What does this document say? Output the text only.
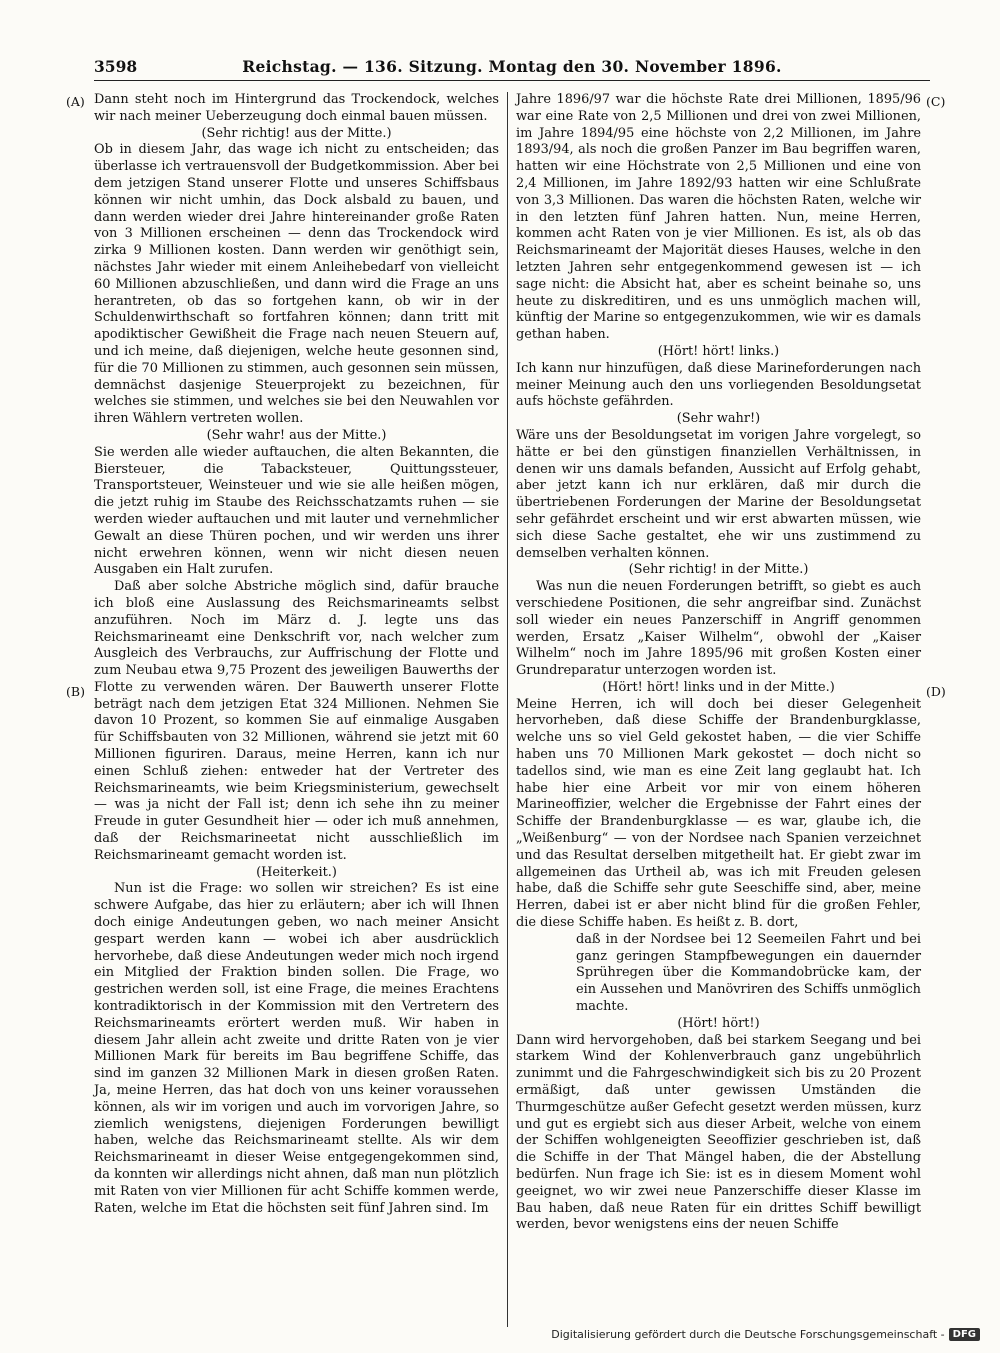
3598	Reichstag. — 136. Sitzung. Montag den 30. November 1896.
(A)
(B)
(C)
(D)

Dann steht noch im Hintergrund das Trockendock, welches wir nach meiner Ueberzeugung doch einmal bauen müssen.

(Sehr richtig! aus der Mitte.)

Ob in diesem Jahr, das wage ich nicht zu entscheiden; das überlasse ich vertrauensvoll der Budgetkommission. Aber bei dem jetzigen Stand unserer Flotte und unseres Schiffsbaus können wir nicht umhin, das Dock alsbald zu bauen, und dann werden wieder drei Jahre hintereinander große Raten von 3 Millionen erscheinen — denn das Trockendock wird zirka 9 Millionen kosten. Dann werden wir genöthigt sein, nächstes Jahr wieder mit einem Anleihebedarf von vielleicht 60 Millionen abzuschließen, und dann wird die Frage an uns herantreten, ob das so fortgehen kann, ob wir in der Schuldenwirthschaft so fortfahren können; dann tritt mit apodiktischer Gewißheit die Frage nach neuen Steuern auf, und ich meine, daß diejenigen, welche heute gesonnen sind, für die 70 Millionen zu stimmen, auch gesonnen sein müssen, demnächst dasjenige Steuerprojekt zu bezeichnen, für welches sie stimmen, und welches sie bei den Neuwahlen vor ihren Wählern vertreten wollen.

(Sehr wahr! aus der Mitte.)

Sie werden alle wieder auftauchen, die alten Bekannten, die Biersteuer, die Tabacksteuer, Quittungssteuer, Transportsteuer, Weinsteuer und wie sie alle heißen mögen, die jetzt ruhig im Staube des Reichsschatzamts ruhen — sie werden wieder auftauchen und mit lauter und vernehmlicher Gewalt an diese Thüren pochen, und wir werden uns ihrer nicht erwehren können, wenn wir nicht diesen neuen Ausgaben ein Halt zurufen.

Daß aber solche Abstriche möglich sind, dafür brauche ich bloß eine Auslassung des Reichsmarineamts selbst anzuführen. Noch im März d. J. legte uns das Reichsmarineamt eine Denkschrift vor, nach welcher zum Ausgleich des Verbrauchs, zur Auffrischung der Flotte und zum Neubau etwa 9,75 Prozent des jeweiligen Bauwerths der Flotte zu verwenden wären. Der Bauwerth unserer Flotte beträgt nach dem jetzigen Etat 324 Millionen. Nehmen Sie davon 10 Prozent, so kommen Sie auf einmalige Ausgaben für Schiffsbauten von 32 Millionen, während sie jetzt mit 60 Millionen figuriren. Daraus, meine Herren, kann ich nur einen Schluß ziehen: entweder hat der Vertreter des Reichsmarineamts, wie beim Kriegsministerium, gewechselt — was ja nicht der Fall ist; denn ich sehe ihn zu meiner Freude in guter Gesundheit hier — oder ich muß annehmen, daß der Reichsmarineetat nicht ausschließlich im Reichsmarineamt gemacht worden ist.

(Heiterkeit.)

Nun ist die Frage: wo sollen wir streichen? Es ist eine schwere Aufgabe, das hier zu erläutern; aber ich will Ihnen doch einige Andeutungen geben, wo nach meiner Ansicht gespart werden kann — wobei ich aber ausdrücklich hervorhebe, daß diese Andeutungen weder mich noch irgend ein Mitglied der Fraktion binden sollen. Die Frage, wo gestrichen werden soll, ist eine Frage, die meines Erachtens kontradiktorisch in der Kommission mit den Vertretern des Reichsmarineamts erörtert werden muß. Wir haben in diesem Jahr allein acht zweite und dritte Raten von je vier Millionen Mark für bereits im Bau begriffene Schiffe, das sind im ganzen 32 Millionen Mark in diesen großen Raten. Ja, meine Herren, das hat doch von uns keiner voraussehen können, als wir im vorigen und auch im vorvorigen Jahre, so ziemlich wenigstens, diejenigen Forderungen bewilligt haben, welche das Reichsmarineamt stellte. Als wir dem Reichsmarineamt in dieser Weise entgegengekommen sind, da konnten wir allerdings nicht ahnen, daß man nun plötzlich mit Raten von vier Millionen für acht Schiffe kommen werde, Raten, welche im Etat die höchsten seit fünf Jahren sind. Im

Jahre 1896/97 war die höchste Rate drei Millionen, 1895/96 war eine Rate von 2,5 Millionen und drei von zwei Millionen, im Jahre 1894/95 eine höchste von 2,2 Millionen, im Jahre 1893/94, als noch die großen Panzer im Bau begriffen waren, hatten wir eine Höchstrate von 2,5 Millionen und eine von 2,4 Millionen, im Jahre 1892/93 hatten wir eine Schlußrate von 3,3 Millionen. Das waren die höchsten Raten, welche wir in den letzten fünf Jahren hatten. Nun, meine Herren, kommen acht Raten von je vier Millionen. Es ist, als ob das Reichsmarineamt der Majorität dieses Hauses, welche in den letzten Jahren sehr entgegenkommend gewesen ist — ich sage nicht: die Absicht hat, aber es scheint beinahe so, uns heute zu diskreditiren, und es uns unmöglich machen will, künftig der Marine so entgegenzukommen, wie wir es damals gethan haben.

(Hört! hört! links.)

Ich kann nur hinzufügen, daß diese Marineforderungen nach meiner Meinung auch den uns vorliegenden Besoldungsetat aufs höchste gefährden.

(Sehr wahr!)

Wäre uns der Besoldungsetat im vorigen Jahre vorgelegt, so hätte er bei den günstigen finanziellen Verhältnissen, in denen wir uns damals befanden, Aussicht auf Erfolg gehabt, aber jetzt kann ich nur erklären, daß mir durch die übertriebenen Forderungen der Marine der Besoldungsetat sehr gefährdet erscheint und wir erst abwarten müssen, wie sich diese Sache gestaltet, ehe wir uns zustimmend zu demselben verhalten können.

(Sehr richtig! in der Mitte.)

Was nun die neuen Forderungen betrifft, so giebt es auch verschiedene Positionen, die sehr angreifbar sind. Zunächst soll wieder ein neues Panzerschiff in Angriff genommen werden, Ersatz „Kaiser Wilhelm“, obwohl der „Kaiser Wilhelm“ noch im Jahre 1895/96 mit großen Kosten einer Grundreparatur unterzogen worden ist.

(Hört! hört! links und in der Mitte.)

Meine Herren, ich will doch bei dieser Gelegenheit hervorheben, daß diese Schiffe der Brandenburgklasse, welche uns so viel Geld gekostet haben, — die vier Schiffe haben uns 70 Millionen Mark gekostet — doch nicht so tadellos sind, wie man es eine Zeit lang geglaubt hat. Ich habe hier eine Arbeit vor mir von einem höheren Marineoffizier, welcher die Ergebnisse der Fahrt eines der Schiffe der Brandenburgklasse — es war, glaube ich, die „Weißenburg“ — von der Nordsee nach Spanien verzeichnet und das Resultat derselben mitgetheilt hat. Er giebt zwar im allgemeinen das Urtheil ab, was ich mit Freuden gelesen habe, daß die Schiffe sehr gute Seeschiffe sind, aber, meine Herren, dabei ist er aber nicht blind für die großen Fehler, die diese Schiffe haben. Es heißt z. B. dort,

daß in der Nordsee bei 12 Seemeilen Fahrt und bei ganz geringen Stampfbewegungen ein dauernder Sprühregen über die Kommandobrücke kam, der ein Aussehen und Manövriren des Schiffs unmöglich machte.

(Hört! hört!)

Dann wird hervorgehoben, daß bei starkem Seegang und bei starkem Wind der Kohlenverbrauch ganz ungebührlich zunimmt und die Fahrgeschwindigkeit sich bis zu 20 Prozent ermäßigt, daß unter gewissen Umständen die Thurmgeschütze außer Gefecht gesetzt werden müssen, kurz und gut es ergiebt sich aus dieser Arbeit, welche von einem der Schiffen wohlgeneigten Seeoffizier geschrieben ist, daß die Schiffe in der That Mängel haben, die der Abstellung bedürfen. Nun frage ich Sie: ist es in diesem Moment wohl geeignet, wo wir zwei neue Panzerschiffe dieser Klasse im Bau haben, daß neue Raten für ein drittes Schiff bewilligt werden, bevor wenigstens eins der neuen Schiffe

Digitalisierung gefördert durch die Deutsche Forschungsgemeinschaft - DFG
